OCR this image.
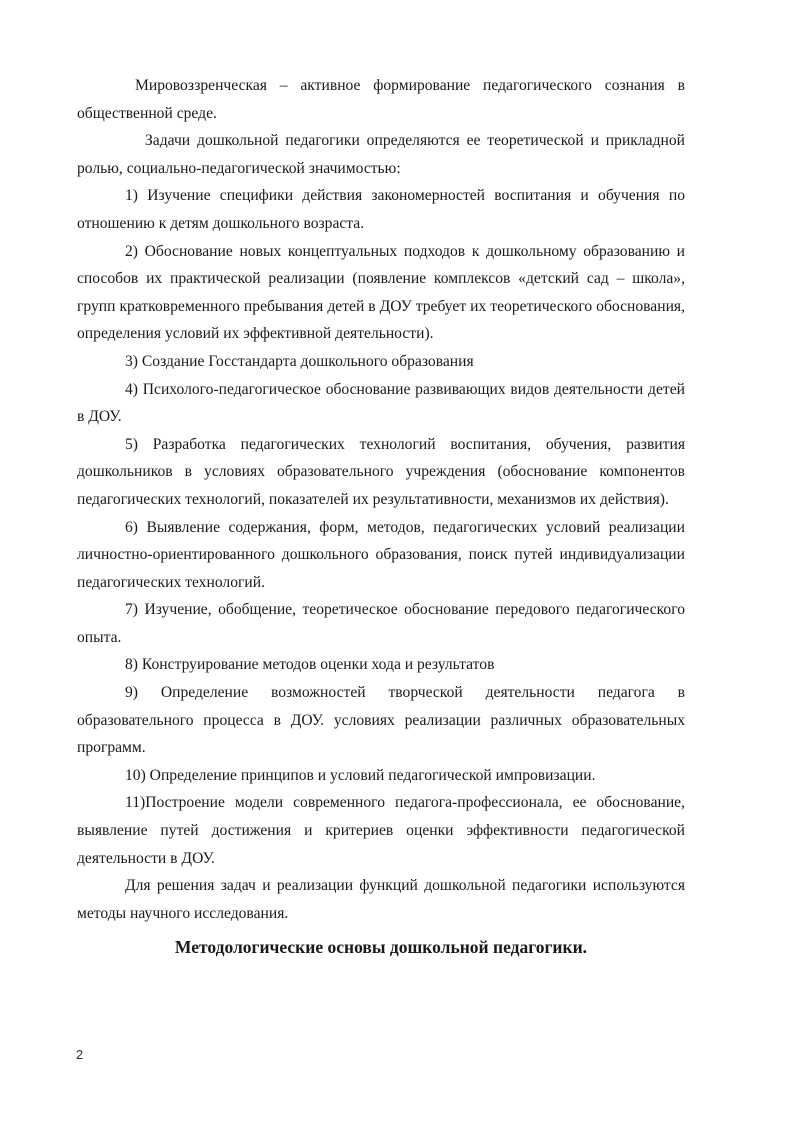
Мировоззренческая – активное формирование педагогического сознания в общественной среде.

Задачи дошкольной педагогики определяются ее теоретической и прикладной ролью, социально-педагогической значимостью:

1) Изучение специфики действия закономерностей воспитания и обучения по отношению к детям дошкольного возраста.

2) Обоснование новых концептуальных подходов к дошкольному образованию и способов их практической реализации (появление комплексов «детский сад – школа», групп кратковременного пребывания детей в ДОУ требует их теоретического обоснования, определения условий их эффективной деятельности).

3) Создание Госстандарта дошкольного образования

4) Психолого-педагогическое обоснование развивающих видов деятельности детей в ДОУ.

5) Разработка педагогических технологий воспитания, обучения, развития дошкольников в условиях образовательного учреждения (обоснование компонентов педагогических технологий, показателей их результативности, механизмов их действия).

6) Выявление содержания, форм, методов, педагогических условий реализации личностно-ориентированного дошкольного образования, поиск путей индивидуализации педагогических технологий.

7) Изучение, обобщение, теоретическое обоснование передового педагогического опыта.

8) Конструирование методов оценки хода и результатов

9) Определение возможностей творческой деятельности педагога в образовательного процесса в ДОУ. условиях реализации различных образовательных программ.

10) Определение принципов и условий педагогической импровизации.

11)Построение модели современного педагога-профессионала, ее обоснование, выявление путей достижения и критериев оценки эффективности педагогической деятельности в ДОУ.

Для решения задач и реализации функций дошкольной педагогики используются методы научного исследования.

Методологические основы дошкольной педагогики.
2
